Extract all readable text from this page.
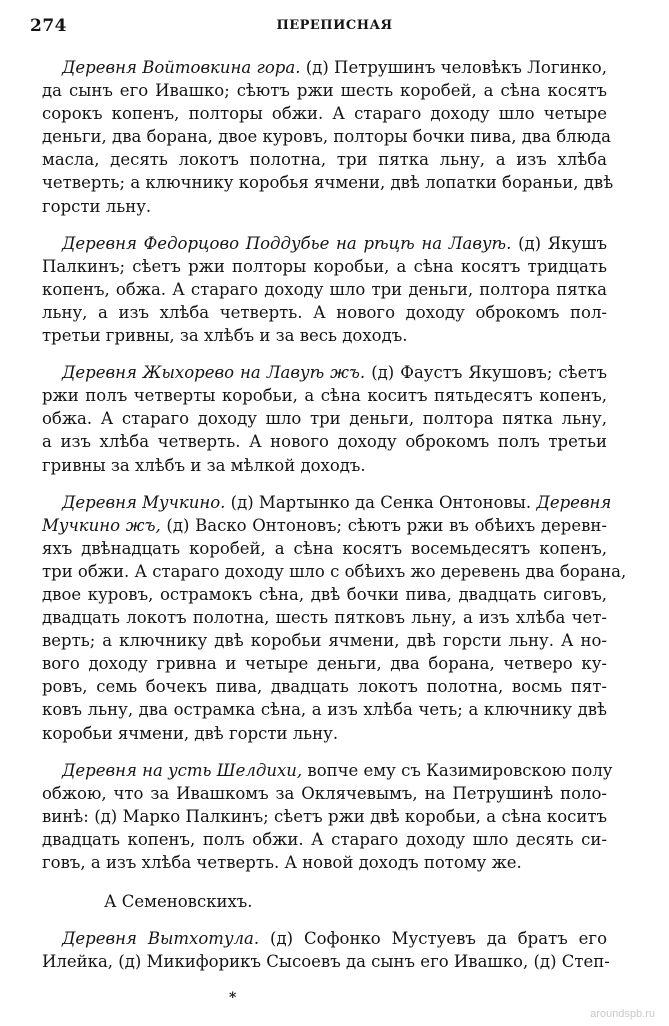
274	ПЕРЕПИСНАЯ
Деревня Войтовкина гора. (д) Петрушинъ человѣкъ Логинко,
да сынъ его Ивашко; сѣютъ ржи шесть коробей, а сѣна косятъ
сорокъ копенъ, полторы обжи. А стараго доходу шло четыре
деньги, два борана, двое куровъ, полторы бочки пива, два блюда
масла, десять локотъ полотна, три пятка льну, а изъ хлѣба
четверть; а ключнику коробья ячмени, двѣ лопатки бораньи, двѣ
горсти льну.
Деревня Федорцово Поддубье на рѣцѣ на Лавуѣ. (д) Якушъ
Палкинъ; сѣетъ ржи полторы коробьи, а сѣна косятъ тридцать
копенъ, обжа. А стараго доходу шло три деньги, полтора пятка
льну, а изъ хлѣба четверть. А нового доходу оброкомъ пол-
третьи гривны, за хлѣбъ и за весь доходъ.
Деревня Жыхорево на Лавуѣ жъ. (д) Фаустъ Якушовъ; сѣетъ
ржи полъ четверты коробьи, а сѣна коситъ пятьдесятъ копенъ,
обжа. А стараго доходу шло три деньги, полтора пятка льну,
а изъ хлѣба четверть. А нового доходу оброкомъ полъ третьи
гривны за хлѣбъ и за мѣлкой доходъ.
Деревня Мучкино. (д) Мартынко да Сенка Онтоновы. Деревня
Мучкино жъ, (д) Васко Онтоновъ; сѣютъ ржи въ обѣихъ деревн-
яхъ двѣнадцать коробей, а сѣна косятъ восемьдесятъ копенъ,
три обжи. А стараго доходу шло с обѣихъ жо деревень два борана,
двое куровъ, острамокъ сѣна, двѣ бочки пива, двадцать сиговъ,
двадцать локотъ полотна, шесть пятковъ льну, а изъ хлѣба чет-
верть; а ключнику двѣ коробьи ячмени, двѣ горсти льну. А но-
вого доходу гривна и четыре деньги, два борана, четверо ку-
ровъ, семь бочекъ пива, двадцать локотъ полотна, восмь пят-
ковъ льну, два острамка сѣна, а изъ хлѣба четь; а ключнику двѣ
коробьи ячмени, двѣ горсти льну.
Деревня на усть Шелдихи, вопче ему съ Казимировскою полу
обжою, что за Ивашкомъ за Оклячевымъ, на Петрушинѣ поло-
винѣ: (д) Марко Палкинъ; сѣетъ ржи двѣ коробьи, а сѣна коситъ
двадцать копенъ, полъ обжи. А стараго доходу шло десять си-
говъ, а изъ хлѣба четверть. А новой доходъ потому же.
А Семеновскихъ.
Деревня Вытхотула. (д) Софонко Мустуевъ да братъ его
Илейка, (д) Микифорикъ Сысоевъ да сынъ его Ивашко, (д) Степ-
*
aroundspb.ru
